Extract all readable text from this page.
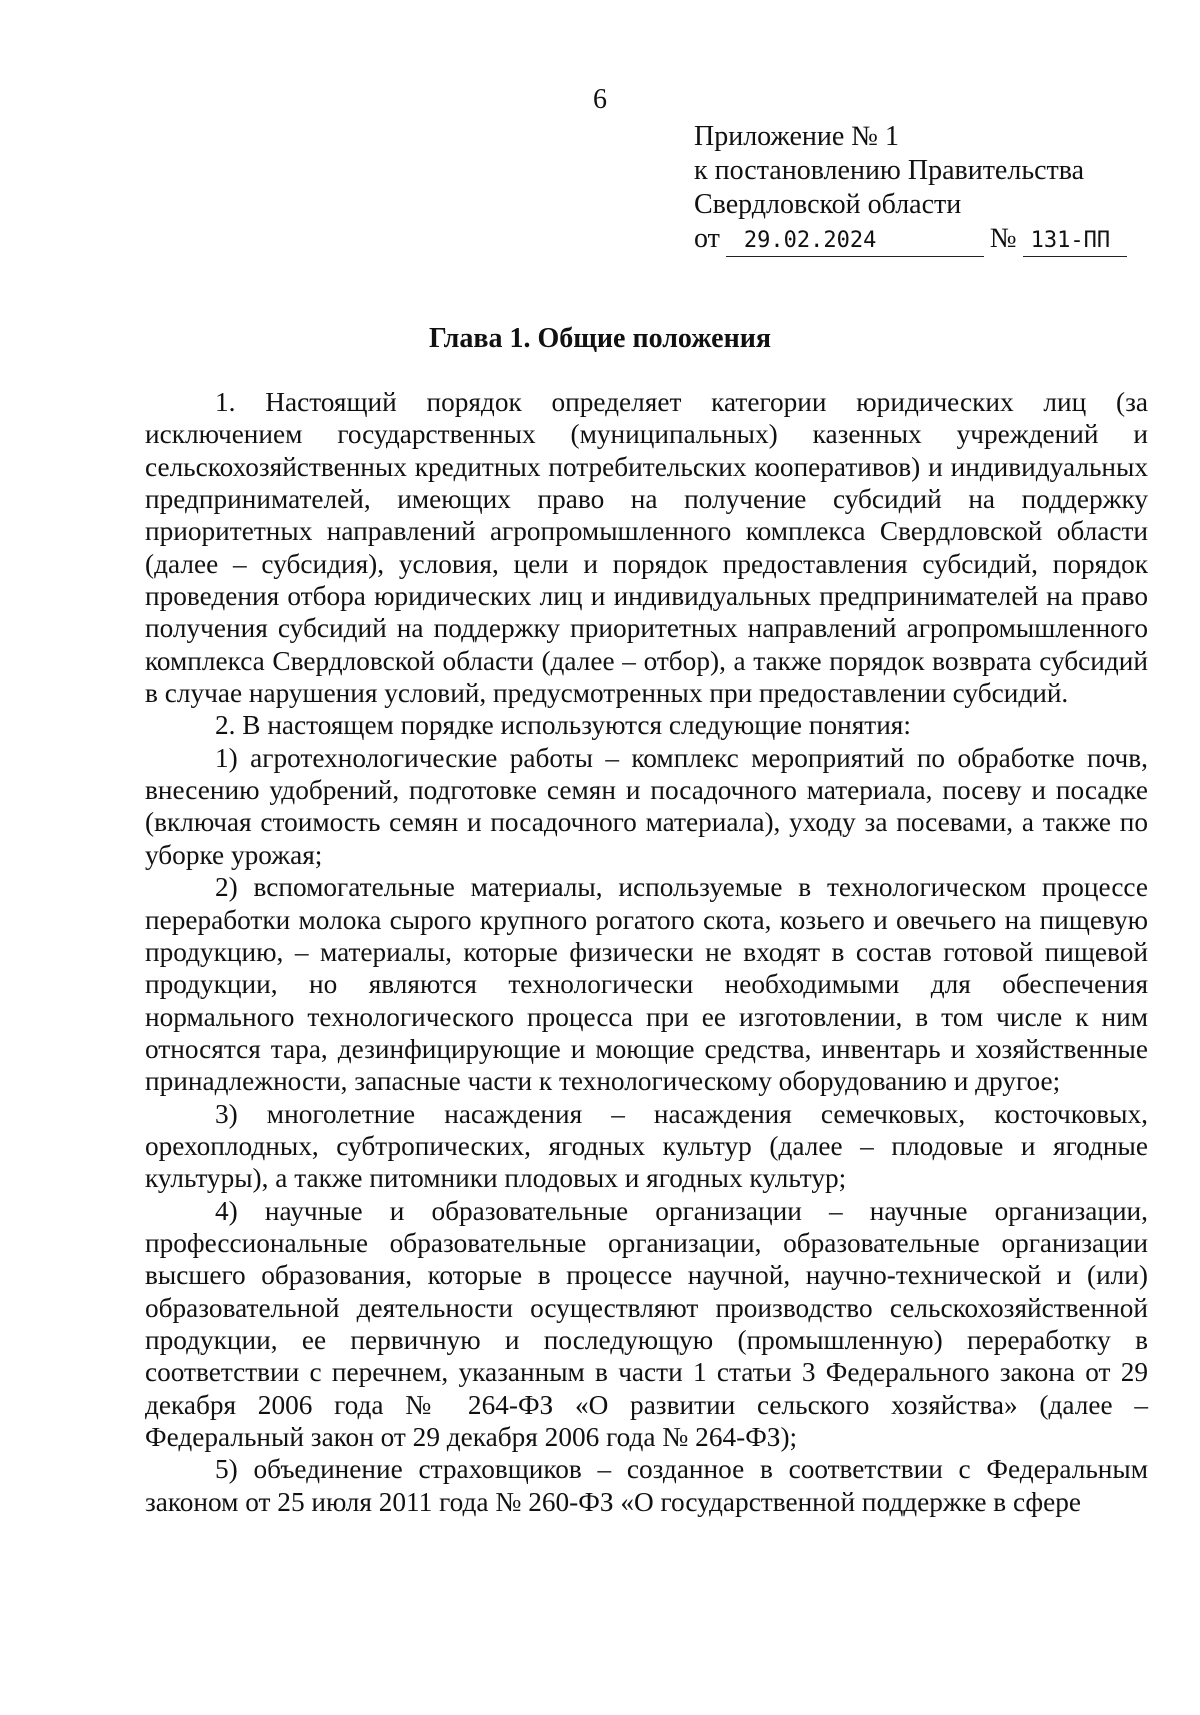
6
Приложение № 1
к постановлению Правительства
Свердловской области
от	29.02.2024	№ 131-ПП
Глава 1. Общие положения

1. Настоящий порядок определяет категории юридических лиц (за исключением государственных (муниципальных) казенных учреждений и сельскохозяйственных кредитных потребительских кооперативов) и индивидуальных предпринимателей, имеющих право на получение субсидий на поддержку приоритетных направлений агропромышленного комплекса Свердловской области (далее – субсидия), условия, цели и порядок предоставления субсидий, порядок проведения отбора юридических лиц и индивидуальных предпринимателей на право получения субсидий на поддержку приоритетных направлений агропромышленного комплекса Свердловской области (далее – отбор), а также порядок возврата субсидий в случае нарушения условий, предусмотренных при предоставлении субсидий.

2. В настоящем порядке используются следующие понятия:

1) агротехнологические работы – комплекс мероприятий по обработке почв, внесению удобрений, подготовке семян и посадочного материала, посеву и посадке (включая стоимость семян и посадочного материала), уходу за посевами, а также по уборке урожая;

2) вспомогательные материалы, используемые в технологическом процессе переработки молока сырого крупного рогатого скота, козьего и овечьего на пищевую продукцию, – материалы, которые физически не входят в состав готовой пищевой продукции, но являются технологически необходимыми для обеспечения нормального технологического процесса при ее изготовлении, в том числе к ним относятся тара, дезинфицирующие и моющие средства, инвентарь и хозяйственные принадлежности, запасные части к технологическому оборудованию и другое;

3) многолетние насаждения – насаждения семечковых, косточковых, орехоплодных, субтропических, ягодных культур (далее – плодовые и ягодные культуры), а также питомники плодовых и ягодных культур;

4) научные и образовательные организации – научные организации, профессиональные образовательные организации, образовательные организации высшего образования, которые в процессе научной, научно-технической и (или) образовательной деятельности осуществляют производство сельскохозяйственной продукции, ее первичную и последующую (промышленную) переработку в соответствии с перечнем, указанным в части 1 статьи 3 Федерального закона от 29 декабря 2006 года № 264-ФЗ «О развитии сельского хозяйства» (далее – Федеральный закон от 29 декабря 2006 года № 264-ФЗ);

5) объединение страховщиков – созданное в соответствии с Федеральным законом от 25 июля 2011 года № 260-ФЗ «О государственной поддержке в сфере
